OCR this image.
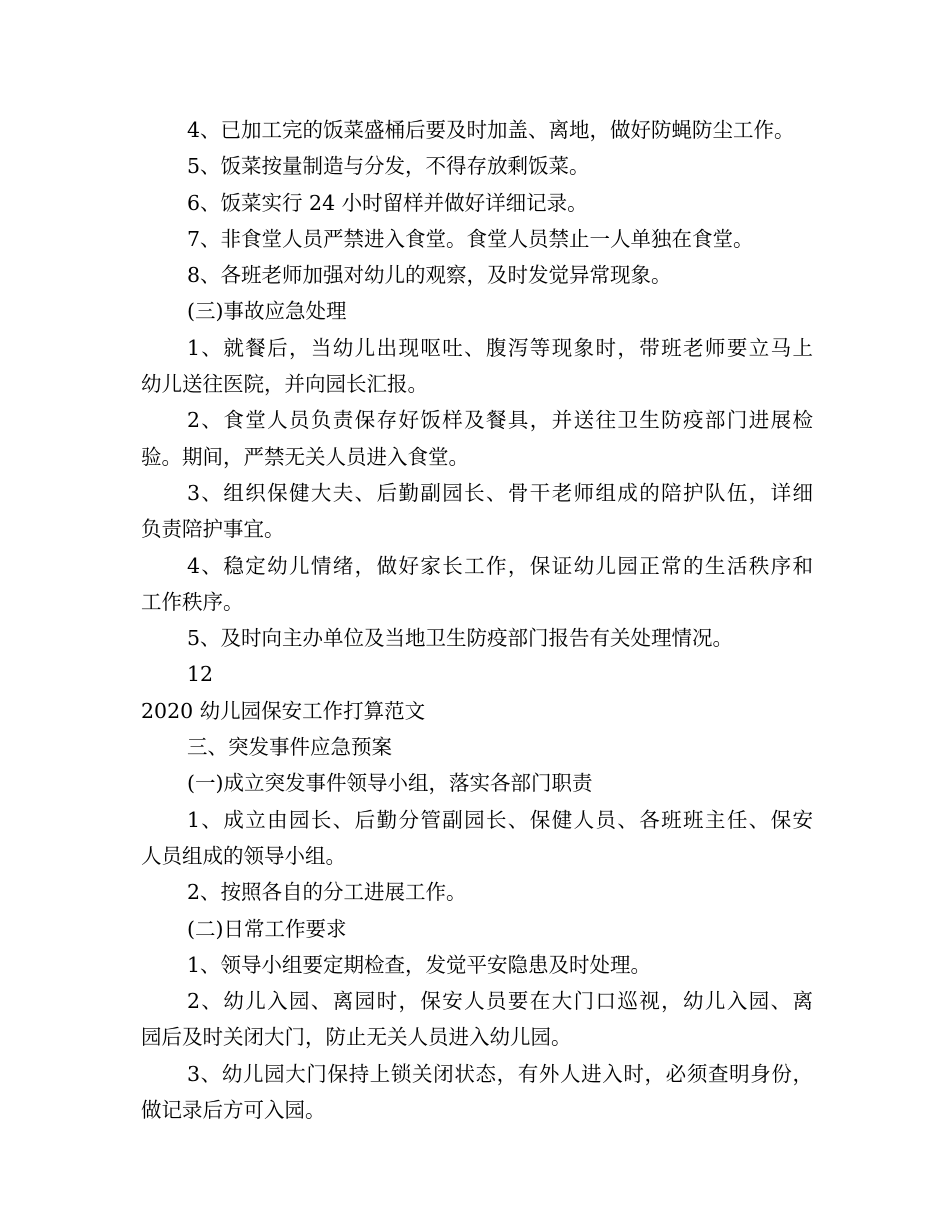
4、已加工完的饭菜盛桶后要及时加盖、离地，做好防蝇防尘工作。
5、饭菜按量制造与分发，不得存放剩饭菜。
6、饭菜实行 24 小时留样并做好详细记录。
7、非食堂人员严禁进入食堂。食堂人员禁止一人单独在食堂。
8、各班老师加强对幼儿的观察，及时发觉异常现象。
(三)事故应急处理
1、就餐后，当幼儿出现呕吐、腹泻等现象时，带班老师要立马上
幼儿送往医院，并向园长汇报。
2、食堂人员负责保存好饭样及餐具，并送往卫生防疫部门进展检
验。期间，严禁无关人员进入食堂。
3、组织保健大夫、后勤副园长、骨干老师组成的陪护队伍，详细
负责陪护事宜。
4、稳定幼儿情绪，做好家长工作，保证幼儿园正常的生活秩序和
工作秩序。
5、及时向主办单位及当地卫生防疫部门报告有关处理情况。
12
2020 幼儿园保安工作打算范文
三、突发事件应急预案
(一)成立突发事件领导小组，落实各部门职责
1、成立由园长、后勤分管副园长、保健人员、各班班主任、保安
人员组成的领导小组。
2、按照各自的分工进展工作。
(二)日常工作要求
1、领导小组要定期检查，发觉平安隐患及时处理。
2、幼儿入园、离园时，保安人员要在大门口巡视，幼儿入园、离
园后及时关闭大门，防止无关人员进入幼儿园。
3、幼儿园大门保持上锁关闭状态，有外人进入时，必须查明身份，
做记录后方可入园。
